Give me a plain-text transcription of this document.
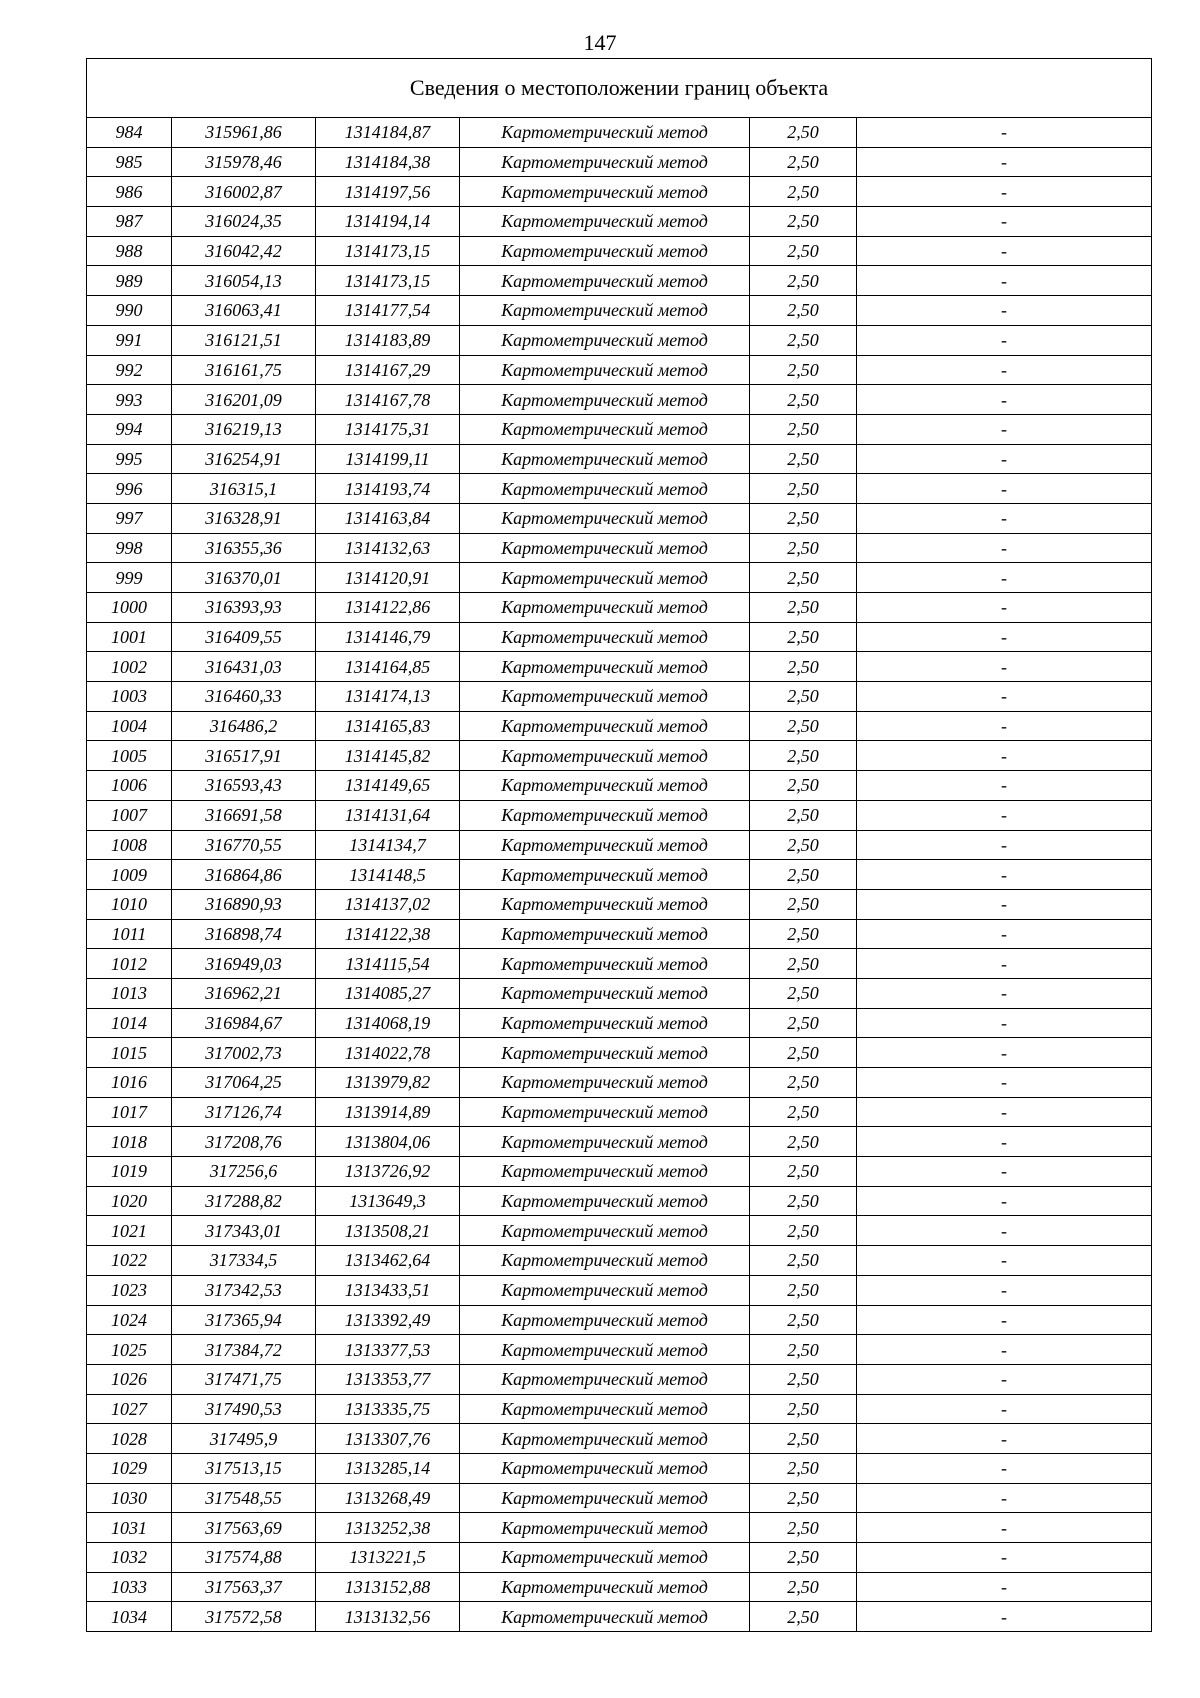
147
Сведения о местоположении границ объекта					
984	315961,86	1314184,87	Картометрический метод	2,50	-
985	315978,46	1314184,38	Картометрический метод	2,50	-
986	316002,87	1314197,56	Картометрический метод	2,50	-
987	316024,35	1314194,14	Картометрический метод	2,50	-
988	316042,42	1314173,15	Картометрический метод	2,50	-
989	316054,13	1314173,15	Картометрический метод	2,50	-
990	316063,41	1314177,54	Картометрический метод	2,50	-
991	316121,51	1314183,89	Картометрический метод	2,50	-
992	316161,75	1314167,29	Картометрический метод	2,50	-
993	316201,09	1314167,78	Картометрический метод	2,50	-
994	316219,13	1314175,31	Картометрический метод	2,50	-
995	316254,91	1314199,11	Картометрический метод	2,50	-
996	316315,1	1314193,74	Картометрический метод	2,50	-
997	316328,91	1314163,84	Картометрический метод	2,50	-
998	316355,36	1314132,63	Картометрический метод	2,50	-
999	316370,01	1314120,91	Картометрический метод	2,50	-
1000	316393,93	1314122,86	Картометрический метод	2,50	-
1001	316409,55	1314146,79	Картометрический метод	2,50	-
1002	316431,03	1314164,85	Картометрический метод	2,50	-
1003	316460,33	1314174,13	Картометрический метод	2,50	-
1004	316486,2	1314165,83	Картометрический метод	2,50	-
1005	316517,91	1314145,82	Картометрический метод	2,50	-
1006	316593,43	1314149,65	Картометрический метод	2,50	-
1007	316691,58	1314131,64	Картометрический метод	2,50	-
1008	316770,55	1314134,7	Картометрический метод	2,50	-
1009	316864,86	1314148,5	Картометрический метод	2,50	-
1010	316890,93	1314137,02	Картометрический метод	2,50	-
1011	316898,74	1314122,38	Картометрический метод	2,50	-
1012	316949,03	1314115,54	Картометрический метод	2,50	-
1013	316962,21	1314085,27	Картометрический метод	2,50	-
1014	316984,67	1314068,19	Картометрический метод	2,50	-
1015	317002,73	1314022,78	Картометрический метод	2,50	-
1016	317064,25	1313979,82	Картометрический метод	2,50	-
1017	317126,74	1313914,89	Картометрический метод	2,50	-
1018	317208,76	1313804,06	Картометрический метод	2,50	-
1019	317256,6	1313726,92	Картометрический метод	2,50	-
1020	317288,82	1313649,3	Картометрический метод	2,50	-
1021	317343,01	1313508,21	Картометрический метод	2,50	-
1022	317334,5	1313462,64	Картометрический метод	2,50	-
1023	317342,53	1313433,51	Картометрический метод	2,50	-
1024	317365,94	1313392,49	Картометрический метод	2,50	-
1025	317384,72	1313377,53	Картометрический метод	2,50	-
1026	317471,75	1313353,77	Картометрический метод	2,50	-
1027	317490,53	1313335,75	Картометрический метод	2,50	-
1028	317495,9	1313307,76	Картометрический метод	2,50	-
1029	317513,15	1313285,14	Картометрический метод	2,50	-
1030	317548,55	1313268,49	Картометрический метод	2,50	-
1031	317563,69	1313252,38	Картометрический метод	2,50	-
1032	317574,88	1313221,5	Картометрический метод	2,50	-
1033	317563,37	1313152,88	Картометрический метод	2,50	-
1034	317572,58	1313132,56	Картометрический метод	2,50	-
